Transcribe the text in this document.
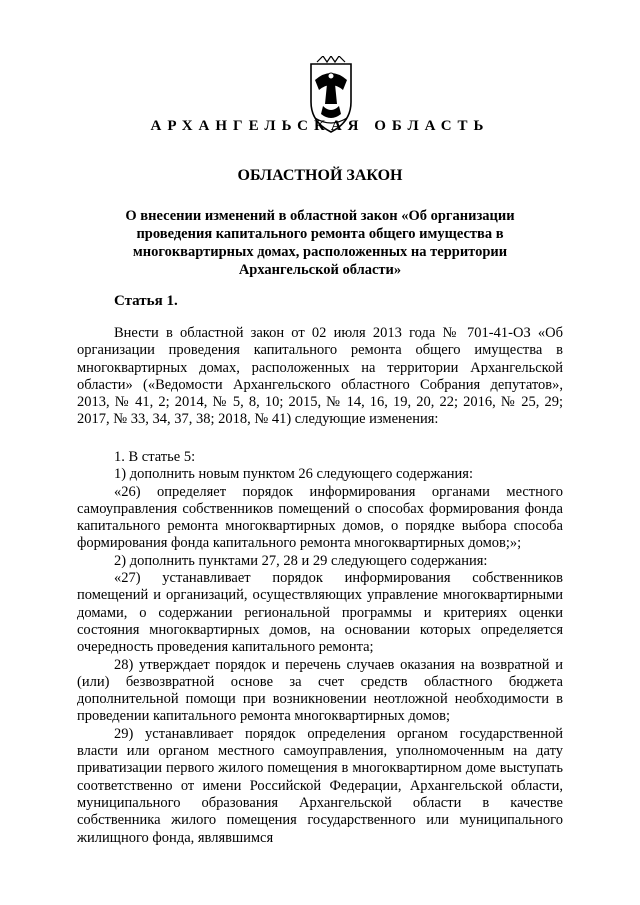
АРХАНГЕЛЬСКАЯ ОБЛАСТЬ
ОБЛАСТНОЙ ЗАКОН
О внесении изменений в областной закон «Об организации проведения капитального ремонта общего имущества в многоквартирных домах, расположенных на территории Архангельской области»
Статья 1.

Внести в областной закон от 02 июля 2013 года № 701-41-ОЗ «Об организации проведения капитального ремонта общего имущества в многоквартирных домах, расположенных на территории Архангельской области» («Ведомости Архангельского областного Собрания депутатов», 2013, № 41, 2; 2014, № 5, 8, 10; 2015, № 14, 16, 19, 20, 22; 2016, № 25, 29; 2017, № 33, 34, 37, 38; 2018, № 41) следующие изменения:

1. В статье 5:

1) дополнить новым пунктом 26 следующего содержания:

«26) определяет порядок информирования органами местного самоуправления собственников помещений о способах формирования фонда капитального ремонта многоквартирных домов, о порядке выбора способа формирования фонда капитального ремонта многоквартирных домов;»;

2) дополнить пунктами 27, 28 и 29 следующего содержания:

«27) устанавливает порядок информирования собственников помещений и организаций, осуществляющих управление многоквартирными домами, о содержании региональной программы и критериях оценки состояния многоквартирных домов, на основании которых определяется очередность проведения капитального ремонта;

28) утверждает порядок и перечень случаев оказания на возвратной и (или) безвозвратной основе за счет средств областного бюджета дополнительной помощи при возникновении неотложной необходимости в проведении капитального ремонта многоквартирных домов;

29) устанавливает порядок определения органом государственной власти или органом местного самоуправления, уполномоченным на дату приватизации первого жилого помещения в многоквартирном доме выступать соответственно от имени Российской Федерации, Архангельской области, муниципального образования Архангельской области в качестве собственника жилого помещения государственного или муниципального жилищного фонда, являвшимся
